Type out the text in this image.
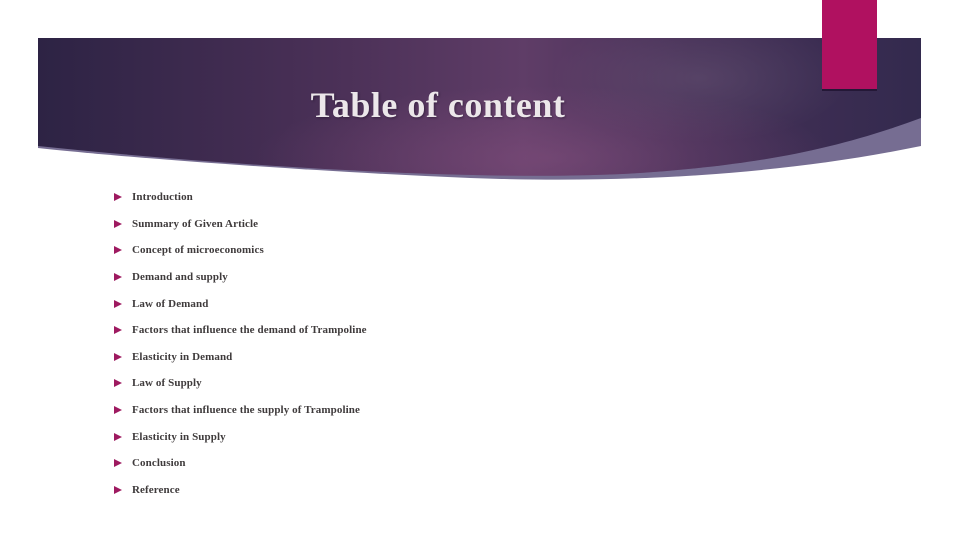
Table of content
Introduction
Summary of Given Article
Concept of microeconomics
Demand and supply
Law of Demand
Factors that influence the demand of Trampoline
Elasticity in Demand
Law of Supply
Factors that influence the supply of Trampoline
Elasticity in Supply
Conclusion
Reference
